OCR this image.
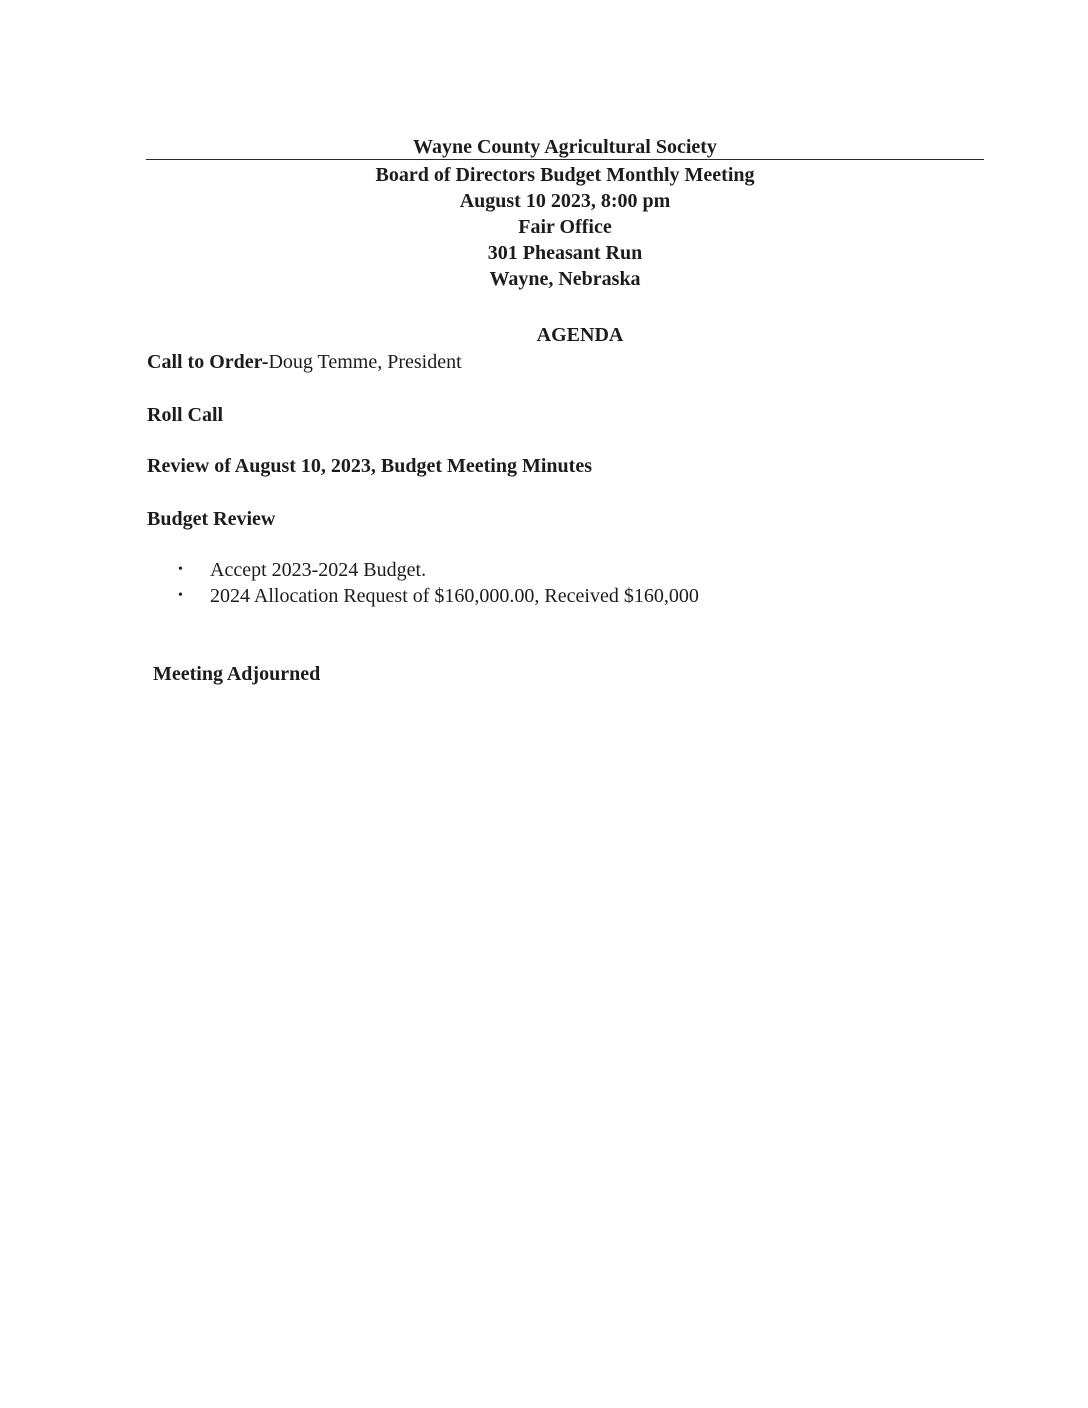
Wayne County Agricultural Society
Board of Directors Budget Monthly Meeting
August 10 2023, 8:00 pm
Fair Office
301 Pheasant Run
Wayne, Nebraska
AGENDA
Call to Order-Doug Temme, President
Roll Call
Review of August 10, 2023, Budget Meeting Minutes
Budget Review
• Accept 2023-2024 Budget.
• 2024 Allocation Request of $160,000.00, Received $160,000
Meeting Adjourned
